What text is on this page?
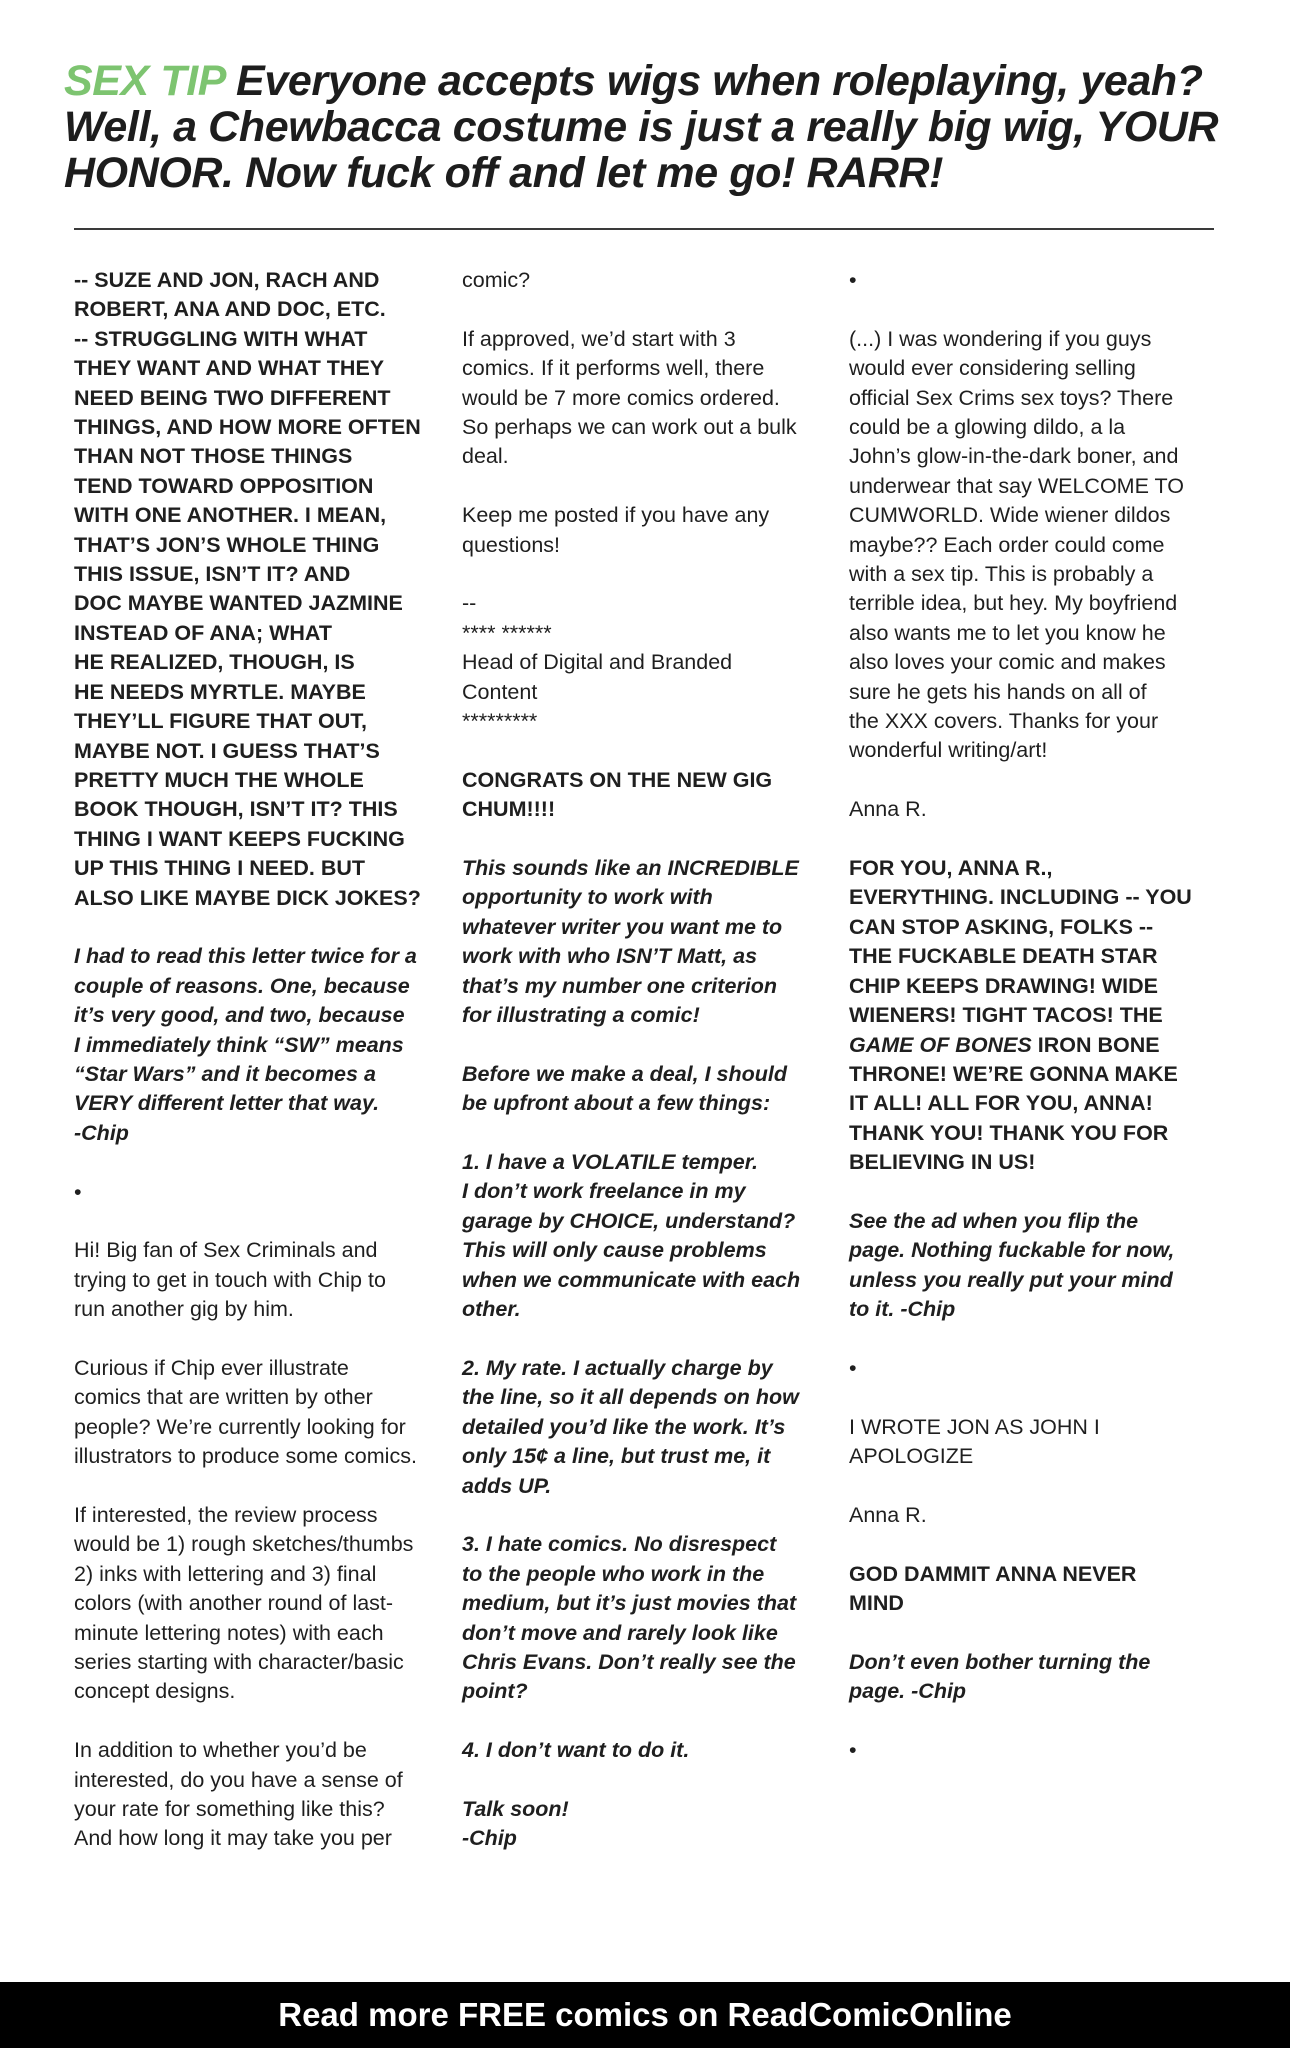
SEX TIP Everyone accepts wigs when roleplaying, yeah? Well, a Chewbacca costume is just a really big wig, YOUR HONOR. Now fuck off and let me go! RARR!

-- SUZE AND JON, RACH AND
ROBERT, ANA AND DOC, ETC.
-- STRUGGLING WITH WHAT
THEY WANT AND WHAT THEY
NEED BEING TWO DIFFERENT
THINGS, AND HOW MORE OFTEN
THAN NOT THOSE THINGS
TEND TOWARD OPPOSITION
WITH ONE ANOTHER. I MEAN,
THAT’S JON’S WHOLE THING
THIS ISSUE, ISN’T IT? AND
DOC MAYBE WANTED JAZMINE
INSTEAD OF ANA; WHAT
HE REALIZED, THOUGH, IS
HE NEEDS MYRTLE. MAYBE
THEY’LL FIGURE THAT OUT,
MAYBE NOT. I GUESS THAT’S
PRETTY MUCH THE WHOLE
BOOK THOUGH, ISN’T IT? THIS
THING I WANT KEEPS FUCKING
UP THIS THING I NEED. BUT
ALSO LIKE MAYBE DICK JOKES?

I had to read this letter twice for a
couple of reasons. One, because
it’s very good, and two, because
I immediately think “SW” means
“Star Wars” and it becomes a
VERY different letter that way.
-Chip

•

Hi! Big fan of Sex Criminals and
trying to get in touch with Chip to
run another gig by him.

Curious if Chip ever illustrate
comics that are written by other
people? We’re currently looking for
illustrators to produce some comics.

If interested, the review process
would be 1) rough sketches/thumbs
2) inks with lettering and 3) final
colors (with another round of last-
minute lettering notes) with each
series starting with character/basic
concept designs.

In addition to whether you’d be
interested, do you have a sense of
your rate for something like this?
And how long it may take you per

comic?

If approved, we’d start with 3
comics. If it performs well, there
would be 7 more comics ordered.
So perhaps we can work out a bulk
deal.

Keep me posted if you have any
questions!

--
**** ******
Head of Digital and Branded
Content
*********

CONGRATS ON THE NEW GIG
CHUM!!!!

This sounds like an INCREDIBLE
opportunity to work with
whatever writer you want me to
work with who ISN’T Matt, as
that’s my number one criterion
for illustrating a comic!

Before we make a deal, I should
be upfront about a few things:

1. I have a VOLATILE temper.
I don’t work freelance in my
garage by CHOICE, understand?
This will only cause problems
when we communicate with each
other.

2. My rate. I actually charge by
the line, so it all depends on how
detailed you’d like the work. It’s
only 15¢ a line, but trust me, it
adds UP.

3. I hate comics. No disrespect
to the people who work in the
medium, but it’s just movies that
don’t move and rarely look like
Chris Evans. Don’t really see the
point?

4. I don’t want to do it.

Talk soon!
-Chip

•

(...) I was wondering if you guys
would ever considering selling
official Sex Crims sex toys? There
could be a glowing dildo, a la
John’s glow-in-the-dark boner, and
underwear that say WELCOME TO
CUMWORLD. Wide wiener dildos
maybe?? Each order could come
with a sex tip. This is probably a
terrible idea, but hey. My boyfriend
also wants me to let you know he
also loves your comic and makes
sure he gets his hands on all of
the XXX covers. Thanks for your
wonderful writing/art!

Anna R.

FOR YOU, ANNA R.,
EVERYTHING. INCLUDING -- YOU
CAN STOP ASKING, FOLKS --
THE FUCKABLE DEATH STAR
CHIP KEEPS DRAWING! WIDE
WIENERS! TIGHT TACOS! THE
GAME OF BONES IRON BONE
THRONE! WE’RE GONNA MAKE
IT ALL! ALL FOR YOU, ANNA!
THANK YOU! THANK YOU FOR
BELIEVING IN US!

See the ad when you flip the
page. Nothing fuckable for now,
unless you really put your mind
to it. -Chip

•

I WROTE JON AS JOHN I
APOLOGIZE

Anna R.

GOD DAMMIT ANNA NEVER
MIND

Don’t even bother turning the
page. -Chip

•

Read more FREE comics on ReadComicOnline
